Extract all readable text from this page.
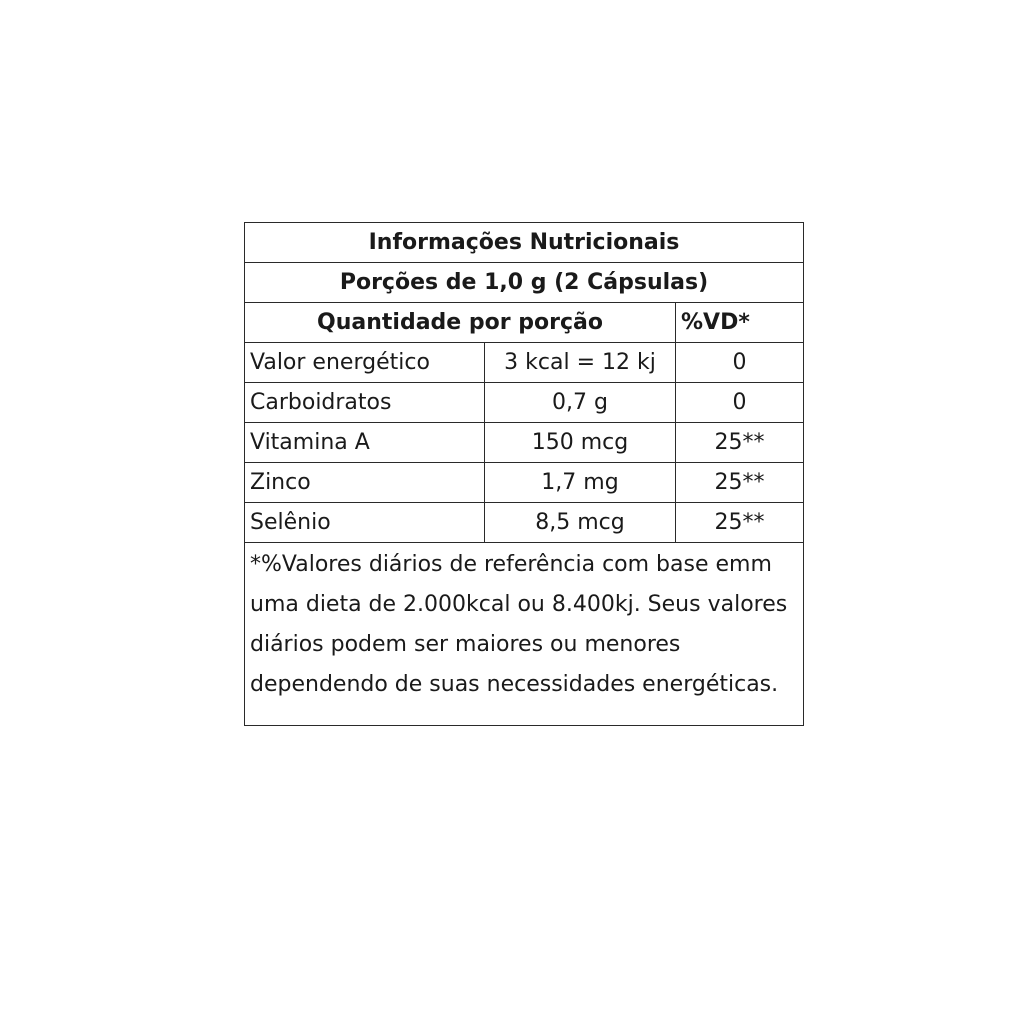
Informações Nutricionais		
Porções de 1,0 g (2 Cápsulas)		
Quantidade por porção		%VD*
Valor energético	3 kcal = 12 kj	0
Carboidratos	0,7 g	0
Vitamina A	150 mcg	25**
Zinco	1,7 mg	25**
Selênio	8,5 mcg	25**
*%Valores diários de referência com base emm uma dieta de 2.000kcal ou 8.400kj. Seus valores diários podem ser maiores ou menores dependendo de suas necessidades energéticas.		
